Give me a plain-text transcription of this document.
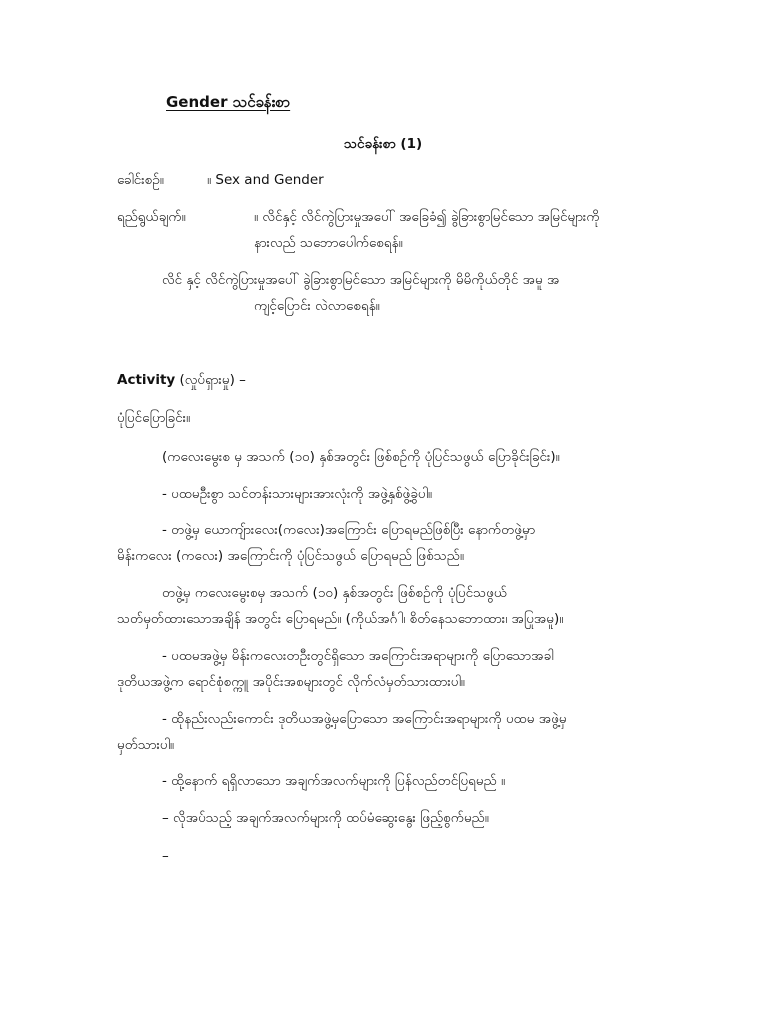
Gender သင်ခန်းစာ
သင်ခန်းစာ (1)
ခေါင်းစဉ်။	။ Sex and Gender
ရည်ရွယ်ချက်။	။ လိင်နှင့် လိင်ကွဲပြားမှုအပေါ် အခြေခံ၍ ခွဲခြားစွာမြင်သော အမြင်များကို
နားလည် သဘောပေါက်စေရန်။
လိင် နှင့် လိင်ကွဲပြားမှုအပေါ် ခွဲခြားစွာမြင်သော အမြင်များကို မိမိကိုယ်တိုင် အမူ အ
ကျင့်ပြောင်း လဲလာစေရန်။
Activity (လှုပ်ရှားမှု) –
ပုံပြင်ပြောခြင်း။
(ကလေးမွေးစ မှ အသက် (၁၀) နှစ်အတွင်း ဖြစ်စဉ်ကို ပုံပြင်သဖွယ် ပြောခိုင်းခြင်း)။
- ပထမဦးစွာ သင်တန်းသားများအားလုံးကို အဖွဲ့နှစ်ဖွဲ့ခွဲပါ။
- တဖွဲ့မှ ယောကျ်ားလေး(ကလေး)အကြောင်း ပြောရမည်ဖြစ်ပြီး နောက်တဖွဲ့မှာ
မိန်းကလေး (ကလေး) အကြောင်းကို ပုံပြင်သဖွယ် ပြောရမည် ဖြစ်သည်။
တဖွဲ့မှ ကလေးမွေးစမှ အသက် (၁၀) နှစ်အတွင်း ဖြစ်စဉ်ကို ပုံပြင်သဖွယ်
သတ်မှတ်ထားသောအချိန် အတွင်း ပြောရမည်။ (ကိုယ်အင်္ဂါ၊ စိတ်နေသဘောထား၊ အပြုအမူ)။
- ပထမအဖွဲ့မှ မိန်းကလေးတဦးတွင်ရှိသော အကြောင်းအရာများကို ပြောသောအခါ
ဒုတိယအဖွဲ့က ရောင်စုံစက္ကူ အပိုင်းအစများတွင် လိုက်လံမှတ်သားထားပါ။
- ထိုနည်းလည်းကောင်း ဒုတိယအဖွဲ့မှပြောသော အကြောင်းအရာများကို ပထမ အဖွဲ့မှ
မှတ်သားပါ။
- ထို့နောက် ရရှိလာသော အချက်အလက်များကို ပြန်လည်တင်ပြရမည် ။
– လိုအပ်သည့် အချက်အလက်များကို ထပ်မံဆွေးနွေး ဖြည့်စွက်မည်။
–
